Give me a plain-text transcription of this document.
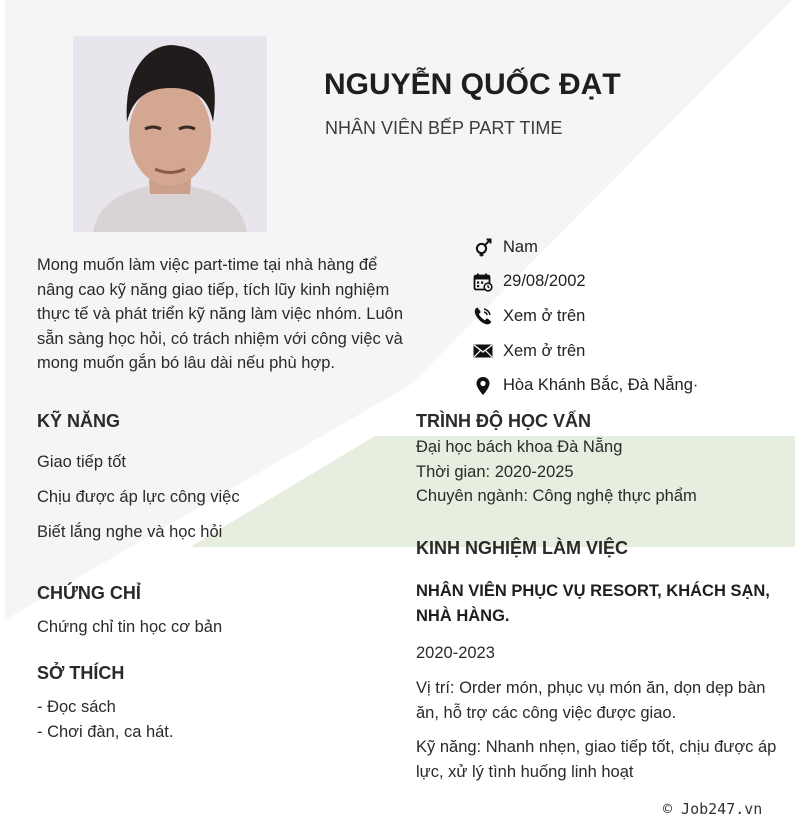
NGUYỄN QUỐC ĐẠT
NHÂN VIÊN BẾP PART TIME
Mong muốn làm việc part-time tại nhà hàng để nâng cao kỹ năng giao tiếp, tích lũy kinh nghiệm thực tế và phát triển kỹ năng làm việc nhóm. Luôn sẵn sàng học hỏi, có trách nhiệm với công việc và mong muốn gắn bó lâu dài nếu phù hợp.
Nam
29/08/2002
Xem ở trên
Xem ở trên
Hòa Khánh Bắc, Đà Nẵng·
KỸ NĂNG
Giao tiếp tốt
Chịu được áp lực công việc
Biết lắng nghe và học hỏi
CHỨNG CHỈ
Chứng chỉ tin học cơ bản
SỞ THÍCH
- Đọc sách
- Chơi đàn, ca hát.
TRÌNH ĐỘ HỌC VẤN
Đại học bách khoa Đà Nẵng
Thời gian: 2020-2025
Chuyên ngành: Công nghệ thực phẩm
KINH NGHIỆM LÀM VIỆC
NHÂN VIÊN PHỤC VỤ RESORT, KHÁCH SẠN, NHÀ HÀNG.
2020-2023
Vị trí: Order món, phục vụ món ăn, dọn dẹp bàn ăn, hỗ trợ các công việc được giao.
Kỹ năng: Nhanh nhẹn, giao tiếp tốt, chịu được áp lực, xử lý tình huống linh hoạt
© Job247.vn
